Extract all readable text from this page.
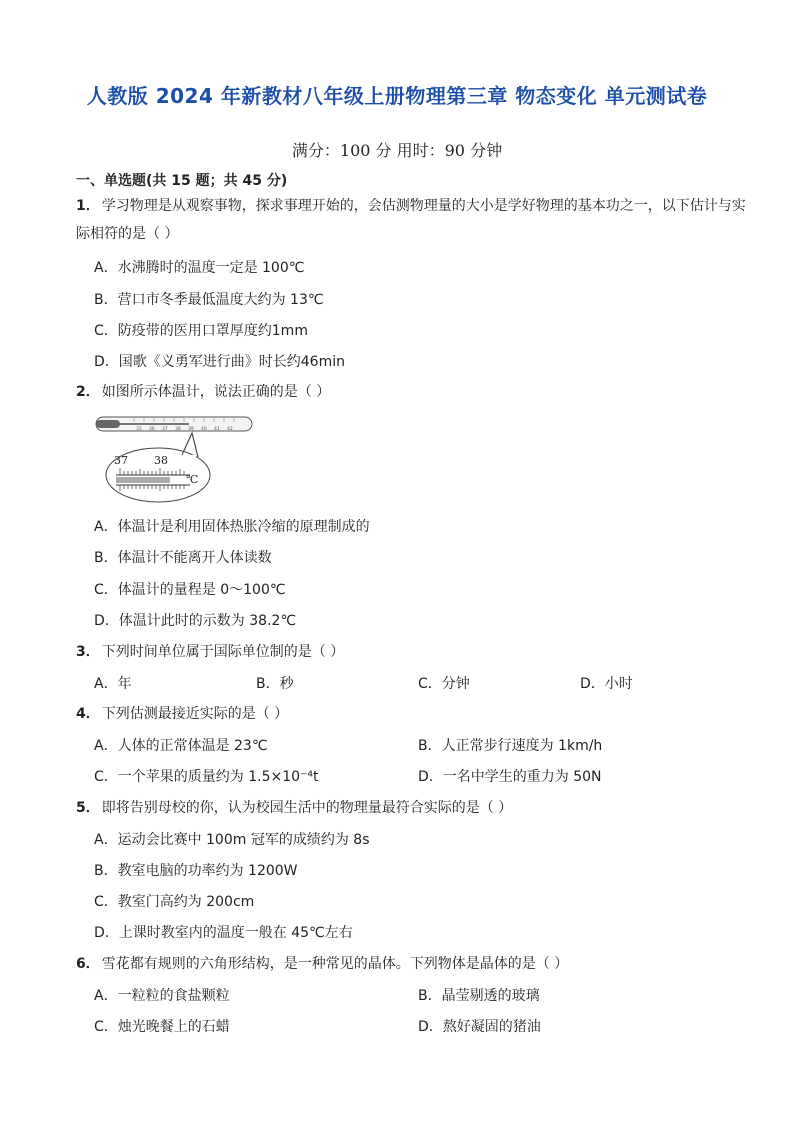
人教版 2024 年新教材八年级上册物理第三章 物态变化 单元测试卷
满分：100 分 用时：90 分钟
一、单选题(共 15 题；共 45 分)
1． 学习物理是从观察事物，探求事理开始的，会估测物理量的大小是学好物理的基本功之一，以下估计与实际相符的是（ ）
A．水沸腾时的温度一定是 100℃
B．营口市冬季最低温度大约为 13℃
C．防疫带的医用口罩厚度约1mm
D．国歌《义勇军进行曲》时长约46min
2． 如图所示体温计，说法正确的是（ ）
35 36 37 38 39 40 41 42
37 38
℃
A．体温计是利用固体热胀冷缩的原理制成的
B．体温计不能离开人体读数
C．体温计的量程是 0～100℃
D．体温计此时的示数为 38.2℃
3． 下列时间单位属于国际单位制的是（ ）
A．年	B．秒	C．分钟	D．小时
4． 下列估测最接近实际的是（ ）
A．人体的正常体温是 23℃	B．人正常步行速度为 1km/h
C．一个苹果的质量约为 1.5×10⁻⁴t	D．一名中学生的重力为 50N
5． 即将告别母校的你，认为校园生活中的物理量最符合实际的是（ ）
A．运动会比赛中 100m 冠军的成绩约为 8s
B．教室电脑的功率约为 1200W
C．教室门高约为 200cm
D．上课时教室内的温度一般在 45℃左右
6． 雪花都有规则的六角形结构，是一种常见的晶体。下列物体是晶体的是（ ）
A．一粒粒的食盐颗粒	B．晶莹剔透的玻璃
C．烛光晚餐上的石蜡	D．熬好凝固的猪油
